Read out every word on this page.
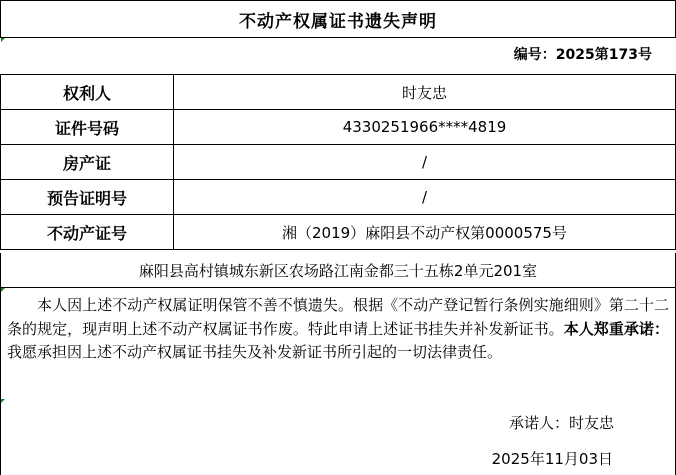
不动产权属证书遗失声明
编号：2025第173号
权利人	时友忠
证件号码	4330251966****4819
房产证	/
预告证明号	/
不动产证号	湘（2019）麻阳县不动产权第0000575号
麻阳县高村镇城东新区农场路江南金都三十五栋2单元201室
本人因上述不动产权属证明保管不善不慎遗失。根据《不动产登记暂行条例实施细则》第二十二条的规定，现声明上述不动产权属证书作废。特此申请上述证书挂失并补发新证书。本人郑重承诺：我愿承担因上述不动产权属证书挂失及补发新证书所引起的一切法律责任。
承诺人：时友忠
2025年11月03日
